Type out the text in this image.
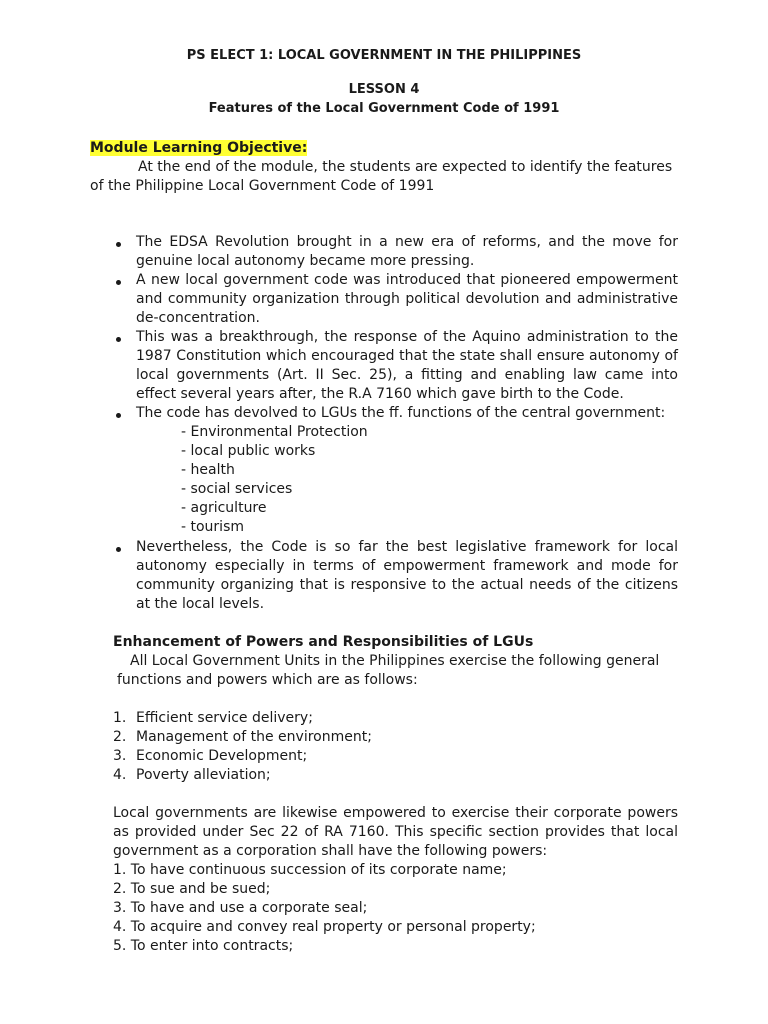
PS ELECT 1: LOCAL GOVERNMENT IN THE PHILIPPINES
LESSON 4
Features of the Local Government Code of 1991
Module Learning Objective:
At the end of the module, the students are expected to identify the features
of the Philippine Local Government Code of 1991
The EDSA Revolution brought in a new era of reforms, and the move for genuine local autonomy became more pressing.
A new local government code was introduced that pioneered empowerment and community organization through political devolution and administrative de-concentration.
This was a breakthrough, the response of the Aquino administration to the 1987 Constitution which encouraged that the state shall ensure autonomy of local governments (Art. II Sec. 25), a fitting and enabling law came into effect several years after, the R.A 7160 which gave birth to the Code.
The code has devolved to LGUs the ff. functions of the central government:
- Environmental Protection
- local public works
- health
- social services
- agriculture
- tourism
Nevertheless, the Code is so far the best legislative framework for local autonomy especially in terms of empowerment framework and mode for community organizing that is responsive to the actual needs of the citizens at the local levels.
Enhancement of Powers and Responsibilities of LGUs
All Local Government Units in the Philippines exercise the following general
functions and powers which are as follows:
1. Efficient service delivery;
2. Management of the environment;
3. Economic Development;
4. Poverty alleviation;
Local governments are likewise empowered to exercise their corporate powers as provided under Sec 22 of RA 7160. This specific section provides that local government as a corporation shall have the following powers:
1. To have continuous succession of its corporate name;
2. To sue and be sued;
3. To have and use a corporate seal;
4. To acquire and convey real property or personal property;
5. To enter into contracts;
